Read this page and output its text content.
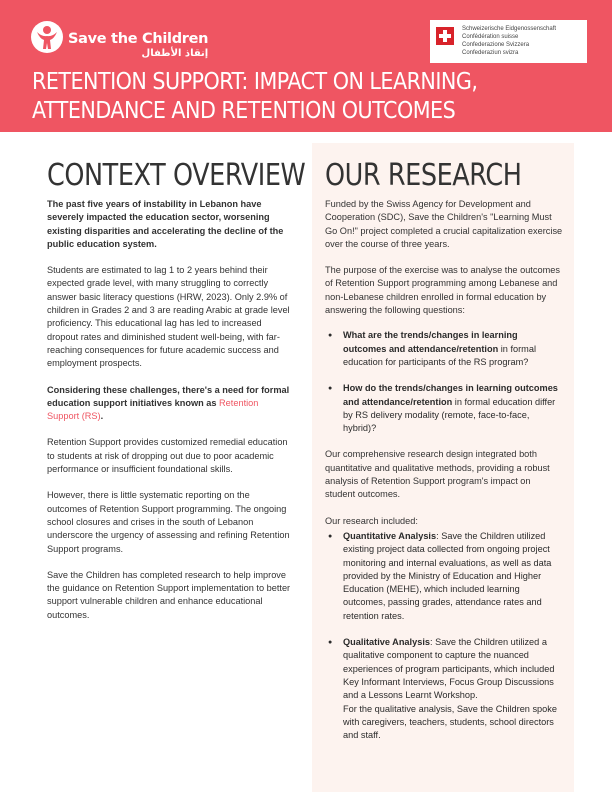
Save the Children
إنقاذ الأطفال
Schweizerische Eidgenossenschaft
Confédération suisse
Confederazione Svizzera
Confederaziun svizra
RETENTION SUPPORT: IMPACT ON LEARNING,
ATTENDANCE AND RETENTION OUTCOMES
CONTEXT OVERVIEW

The past five years of instability in Lebanon have severely impacted the education sector, worsening existing disparities and accelerating the decline of the public education system.

Students are estimated to lag 1 to 2 years behind their expected grade level, with many struggling to correctly answer basic literacy questions (HRW, 2023). Only 2.9% of children in Grades 2 and 3 are reading Arabic at grade level proficiency. This educational lag has led to increased dropout rates and diminished student well-being, with far-reaching consequences for future academic success and employment prospects.

Considering these challenges, there's a need for formal education support initiatives known as Retention Support (RS).

Retention Support provides customized remedial education to students at risk of dropping out due to poor academic performance or insufficient foundational skills.

However, there is little systematic reporting on the outcomes of Retention Support programming. The ongoing school closures and crises in the south of Lebanon underscore the urgency of assessing and refining Retention Support programs.

Save the Children has completed research to help improve the guidance on Retention Support implementation to better support vulnerable children and enhance educational outcomes.

OUR RESEARCH

Funded by the Swiss Agency for Development and Cooperation (SDC), Save the Children's "Learning Must Go On!" project completed a crucial capitalization exercise over the course of three years.

The purpose of the exercise was to analyse the outcomes of Retention Support programming among Lebanese and non-Lebanese children enrolled in formal education by answering the following questions:

● What are the trends/changes in learning outcomes and attendance/retention in formal education for participants of the RS program?
● How do the trends/changes in learning outcomes and attendance/retention in formal education differ by RS delivery modality (remote, face-to-face, hybrid)?

Our comprehensive research design integrated both quantitative and qualitative methods, providing a robust analysis of Retention Support program's impact on student outcomes.

Our research included:

● Quantitative Analysis: Save the Children utilized existing project data collected from ongoing project monitoring and internal evaluations, as well as data provided by the Ministry of Education and Higher Education (MEHE), which included learning outcomes, passing grades, attendance rates and retention rates.
● Qualitative Analysis: Save the Children utilized a qualitative component to capture the nuanced experiences of program participants, which included Key Informant Interviews, Focus Group Discussions and a Lessons Learnt Workshop.
For the qualitative analysis, Save the Children spoke with caregivers, teachers, students, school directors and staff.
